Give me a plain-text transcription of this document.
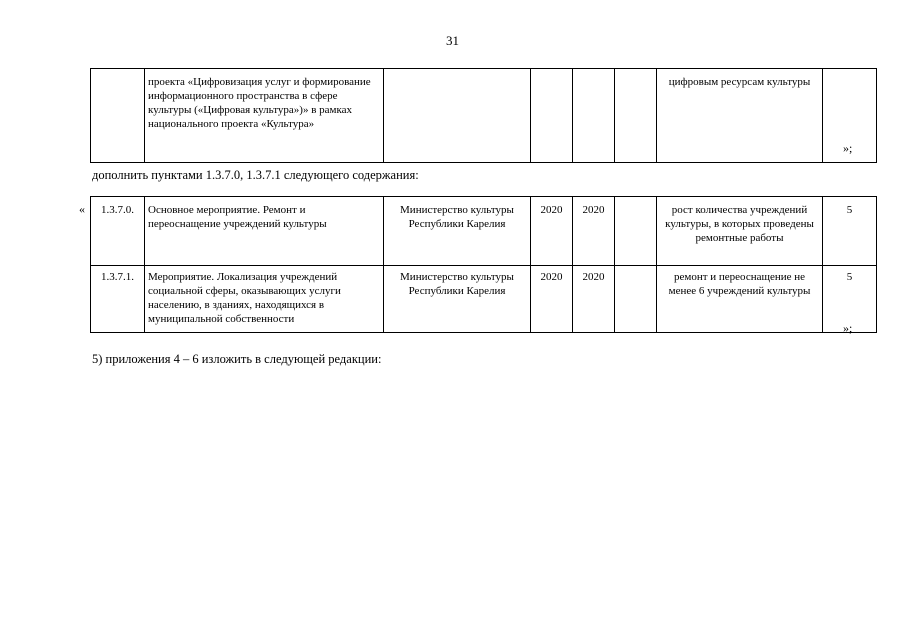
31
	проекта «Цифровизация услуг и формирование информационного пространства в сфере культуры («Цифровая культура»)» в рамках национального проекта «Культура»					цифровым ресурсам культуры	
»;
дополнить пунктами 1.3.7.0, 1.3.7.1 следующего содержания:
« 1.3.7.0.	Основное мероприятие. Ремонт и переоснащение учреждений культуры	Министерство культуры Республики Карелия	2020	2020		рост количества учреждений культуры, в которых проведены ремонтные работы	5
1.3.7.1.	Мероприятие. Локализация учреждений социальной сферы, оказывающих услуги населению, в зданиях, находящихся в муниципальной собственности	Министерство культуры Республики Карелия	2020	2020		ремонт и переоснащение не менее 6 учреждений культуры	5
»;
5) приложения 4 – 6 изложить в следующей редакции:
